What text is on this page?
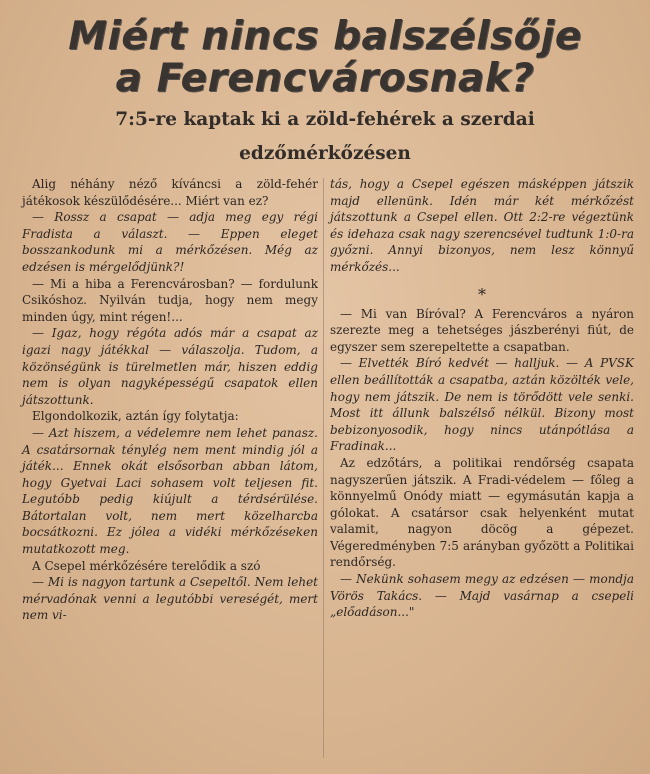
Miért nincs balszélsője
a Ferencvárosnak?
7:5-re kaptak ki a zöld-fehérek a szerdai
edzőmérkőzésen

Alig néhány néző kíváncsi a zöld-fehér játékosok készülődésére... Miért van ez?

— Rossz a csapat — adja meg egy régi Fradista a választ. — Eppen eleget bosszankodunk mi a mérkőzésen. Még az edzésen is mérgelődjünk?!

— Mi a hiba a Ferencvárosban? — fordulunk Csikóshoz. Nyilván tudja, hogy nem megy minden úgy, mint régen!...

— Igaz, hogy régóta adós már a csapat az igazi nagy játékkal — válaszolja. Tudom, a közönségünk is türelmetlen már, hiszen eddig nem is olyan nagyképességű csapatok ellen játszottunk.

Elgondolkozik, aztán így folytatja:

— Azt hiszem, a védelemre nem lehet panasz. A csatársornak ténylég nem ment mindig jól a játék... Ennek okát elsősorban abban látom, hogy Gyetvai Laci sohasem volt teljesen fit. Legutóbb pedig kiújult a térdsérülése. Bátortalan volt, nem mert közelharcba bocsátkozni. Ez jólea a vidéki mérkőzéseken mutatkozott meg.

A Csepel mérkőzésére terelődik a szó

— Mi is nagyon tartunk a Csepeltől. Nem lehet mérvadónak venni a legutóbbi vereségét, mert nem vi-

tás, hogy a Csepel egészen másképpen játszik majd ellenünk. Idén már két mérkőzést játszottunk a Csepel ellen. Ott 2:2-re végeztünk és idehaza csak nagy szerencsével tudtunk 1:0-ra győzni. Annyi bizonyos, nem lesz könnyű mérkőzés...

*

— Mi van Bíróval? A Ferencváros a nyáron szerezte meg a tehetséges jászberényi fiút, de egyszer sem szerepeltette a csapatban.

— Elvették Bíró kedvét — halljuk. — A PVSK ellen beállították a csapatba, aztán közölték vele, hogy nem játszik. De nem is törődött vele senki. Most itt állunk balszélső nélkül. Bizony most bebizonyosodik, hogy nincs utánpótlása a Fradinak...

Az edzőtárs, a politikai rendőrség csapata nagyszerűen játszik. A Fradi-védelem — főleg a könnyelmű Onódy miatt — egymásután kapja a gólokat. A csatársor csak helyenként mutat valamit, nagyon döcög a gépezet. Végeredményben 7:5 arányban győzött a Politikai rendőrség.

— Nekünk sohasem megy az edzésen — mondja Vörös Takács. — Majd vasárnap a csepeli „előadáson..."
